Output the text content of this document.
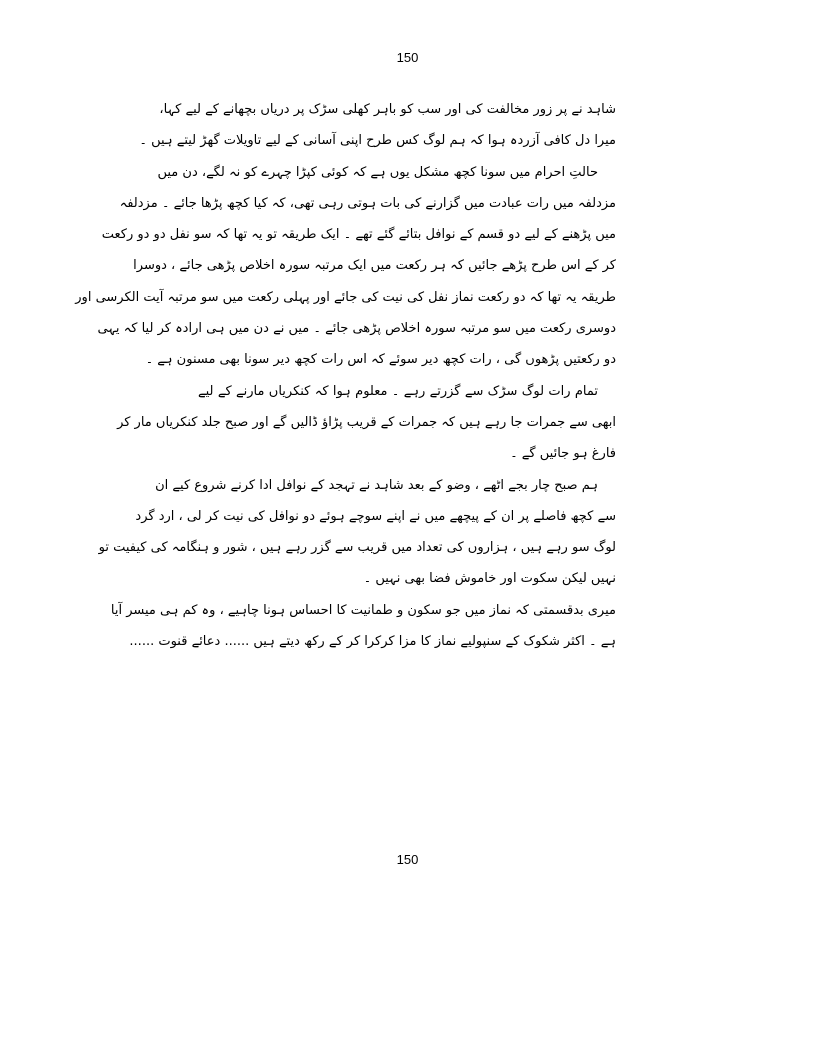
150
شاہد نے پر زور مخالفت کی اور سب کو باہر کھلی سڑک پر دریاں بچھانے کے لیے کہا،
میرا دل کافی آزردہ ہوا کہ ہم لوگ کس طرح اپنی آسانی کے لیے تاویلات گھڑ لیتے ہیں ۔
حالتِ احرام میں سونا کچھ مشکل یوں ہے کہ کوئی کپڑا چہرے کو نہ لگے، دن میں
مزدلفہ میں رات عبادت میں گزارنے کی بات ہوتی رہی تھی، کہ کیا کچھ پڑھا جائے ۔ مزدلفہ
میں پڑھنے کے لیے دو قسم کے نوافل بتائے گئے تھے ۔ ایک طریقہ تو یہ تھا کہ سو نفل دو دو رکعت
کر کے اس طرح پڑھے جائیں کہ ہر رکعت میں ایک مرتبہ سورہ اخلاص پڑھی جائے ، دوسرا
طریقہ یہ تھا کہ دو رکعت نماز نفل کی نیت کی جائے اور پہلی رکعت میں سو مرتبہ آیت الکرسی اور
دوسری رکعت میں سو مرتبہ سورہ اخلاص پڑھی جائے ۔ میں نے دن میں ہی ارادہ کر لیا کہ یہی
دو رکعتیں پڑھوں گی ، رات کچھ دیر سوئے کہ اس رات کچھ دیر سونا بھی مسنون ہے ۔
تمام رات لوگ سڑک سے گزرتے رہے ۔ معلوم ہوا کہ کنکریاں مارنے کے لیے
ابھی سے جمرات جا رہے ہیں کہ جمرات کے قریب پڑاؤ ڈالیں گے اور صبح جلد کنکریاں مار کر
فارغ ہو جائیں گے ۔
ہم صبح چار بجے اٹھے ، وضو کے بعد شاہد نے تہجد کے نوافل ادا کرنے شروع کیے ان
سے کچھ فاصلے پر ان کے پیچھے میں نے اپنے سوچے ہوئے دو نوافل کی نیت کر لی ، ارد گرد
لوگ سو رہے ہیں ، ہزاروں کی تعداد میں قریب سے گزر رہے ہیں ، شور و ہنگامہ کی کیفیت تو
نہیں لیکن سکوت اور خاموش فضا بھی نہیں ۔
میری بدقسمتی کہ نماز میں جو سکون و طمانیت کا احساس ہونا چاہیے ، وہ کم ہی میسر آیا
ہے ۔ اکثر شکوک کے سنپولیے نماز کا مزا کرکرا کر کے رکھ دیتے ہیں ...... دعائے قنوت ......
150
